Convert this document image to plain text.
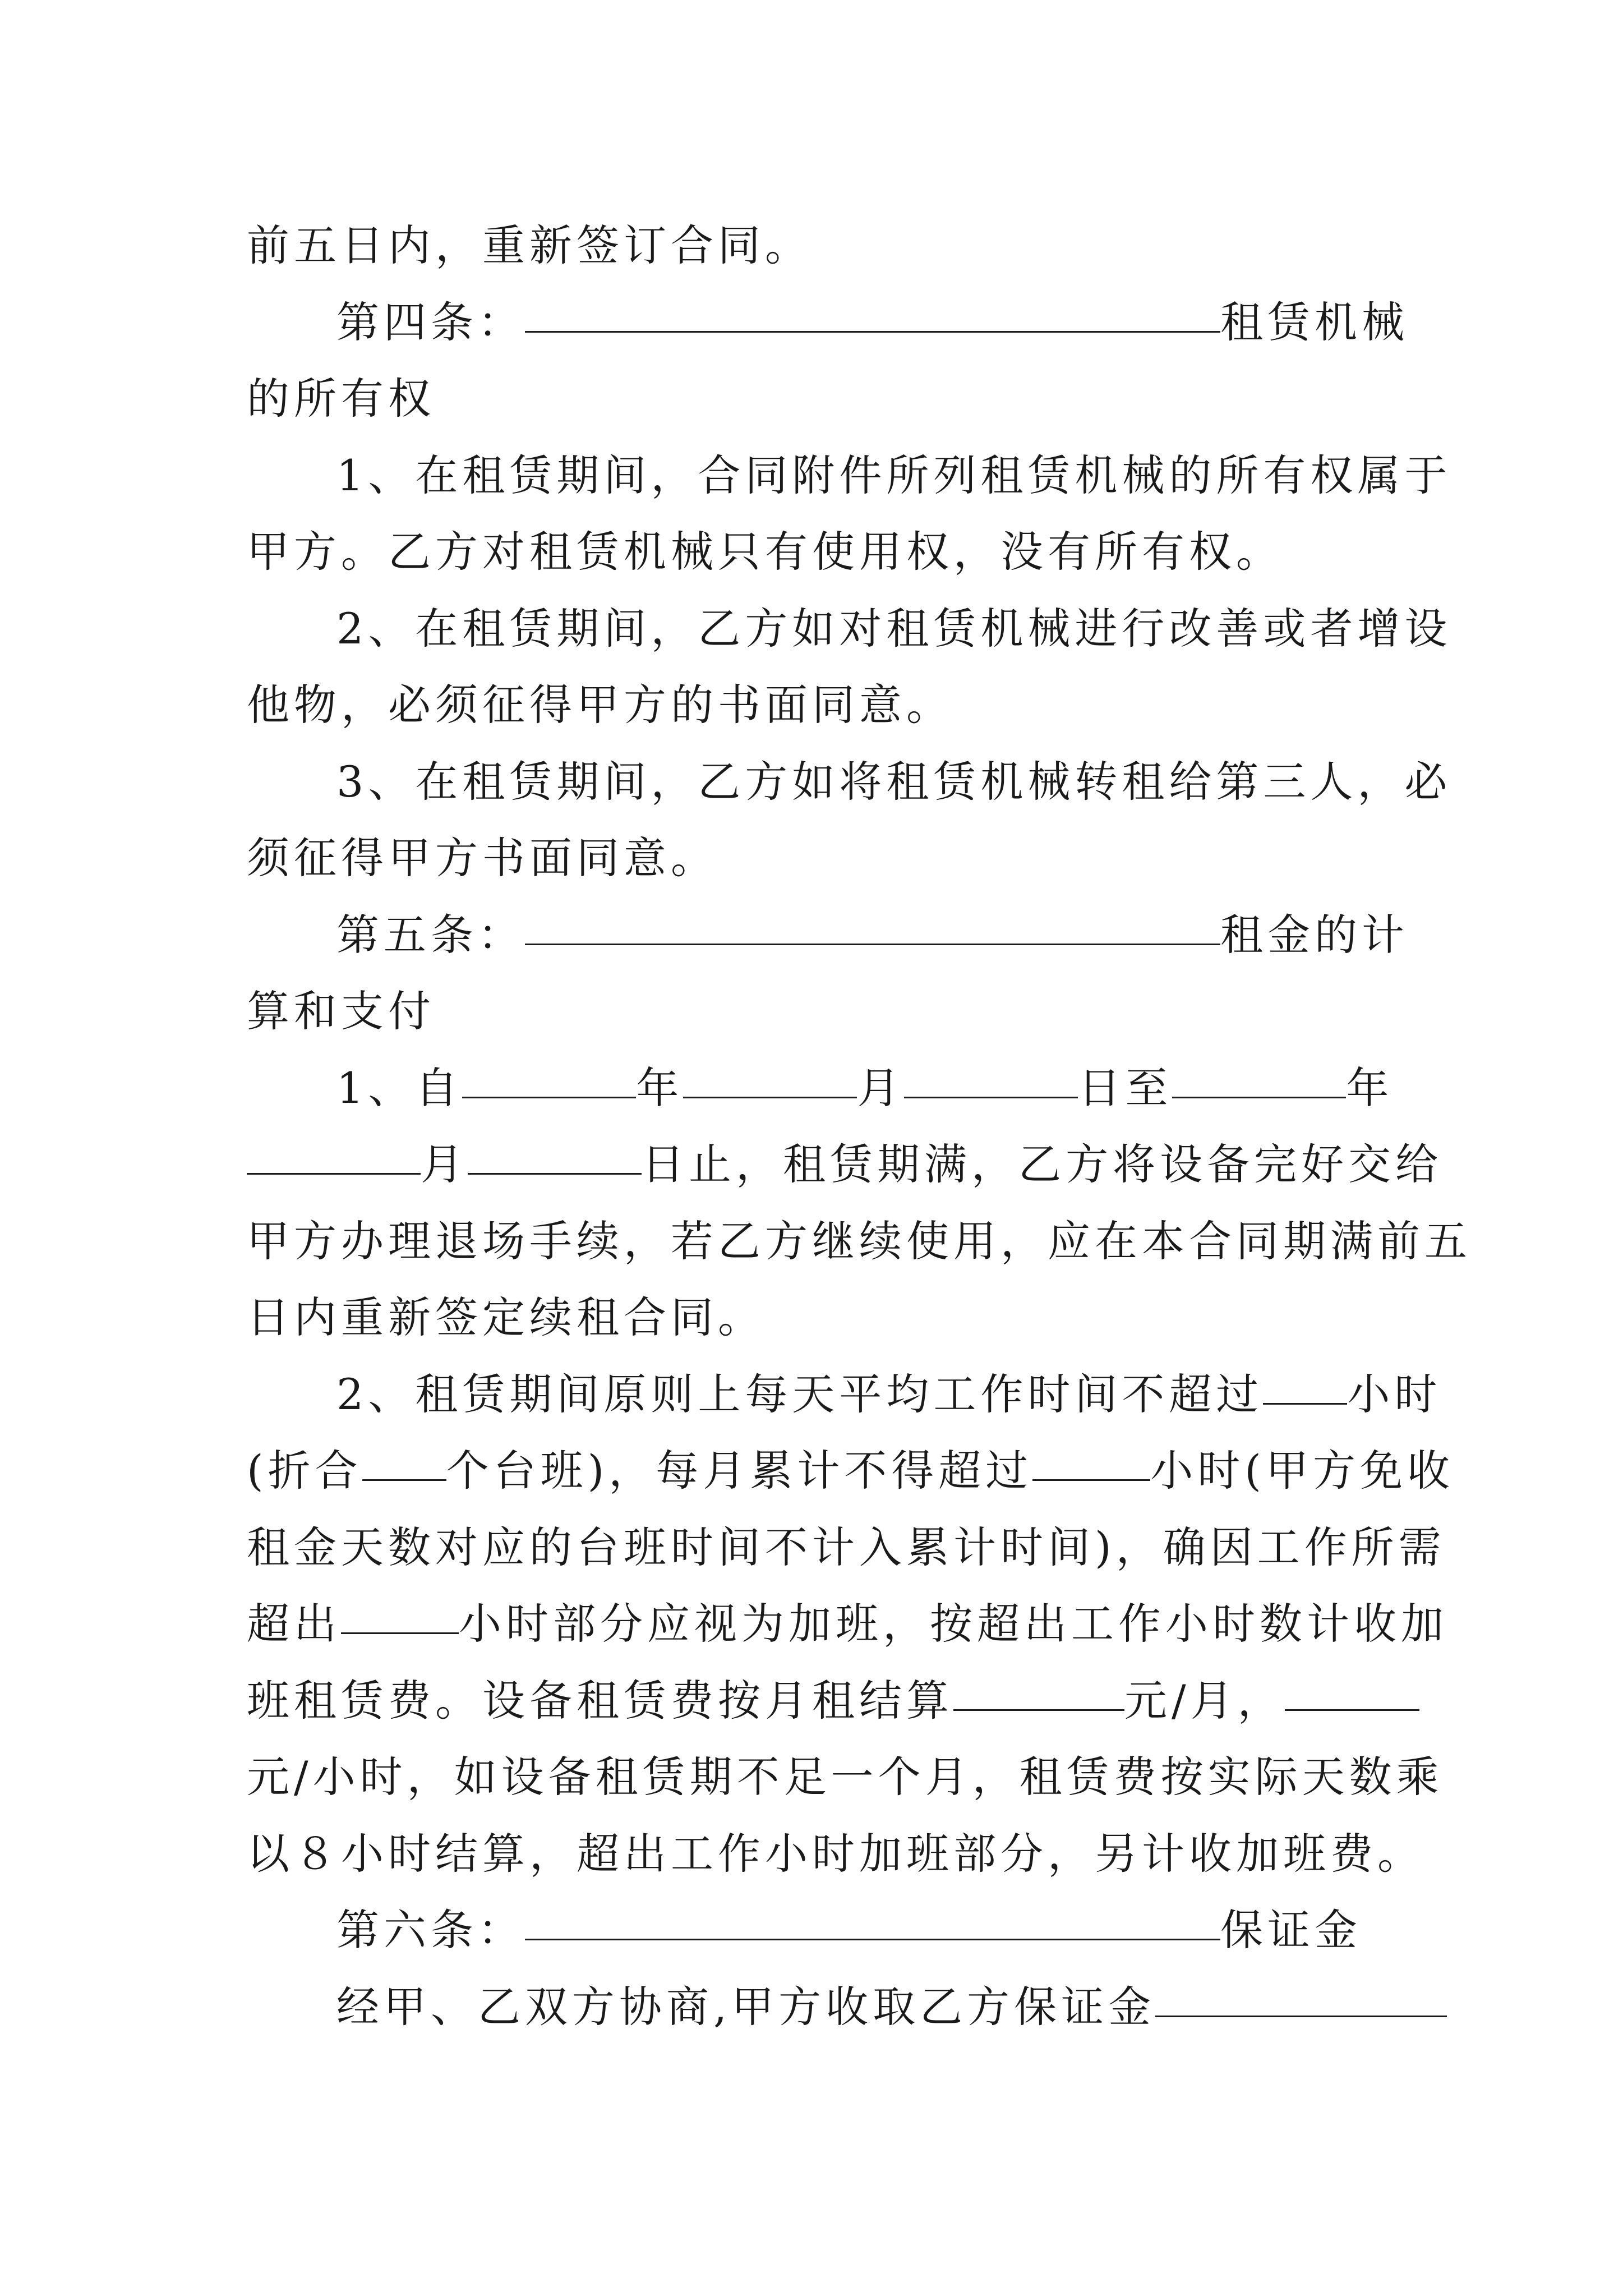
前五日内，重新签订合同。
第四条：	租赁机械
的所有权
1、在租赁期间，合同附件所列租赁机械的所有权属于
甲方。乙方对租赁机械只有使用权，没有所有权。
2、在租赁期间，乙方如对租赁机械进行改善或者增设
他物，必须征得甲方的书面同意。
3、在租赁期间，乙方如将租赁机械转租给第三人，必
须征得甲方书面同意。
第五条：	租金的计
算和支付
1、自	年	月	日至	年
月	日止，租赁期满，乙方将设备完好交给
甲方办理退场手续，若乙方继续使用，应在本合同期满前五
日内重新签定续租合同。
2、租赁期间原则上每天平均工作时间不超过 小时
(折合 个台班)，每月累计不得超过	小时(甲方免收
租金天数对应的台班时间不计入累计时间)，确因工作所需
超出	小时部分应视为加班，按超出工作小时数计收加
班租赁费。设备租赁费按月租结算	元/月，
元/小时，如设备租赁期不足一个月，租赁费按实际天数乘
以８小时结算，超出工作小时加班部分，另计收加班费。
第六条：	保证金
经甲、乙双方协商,甲方收取乙方保证金
